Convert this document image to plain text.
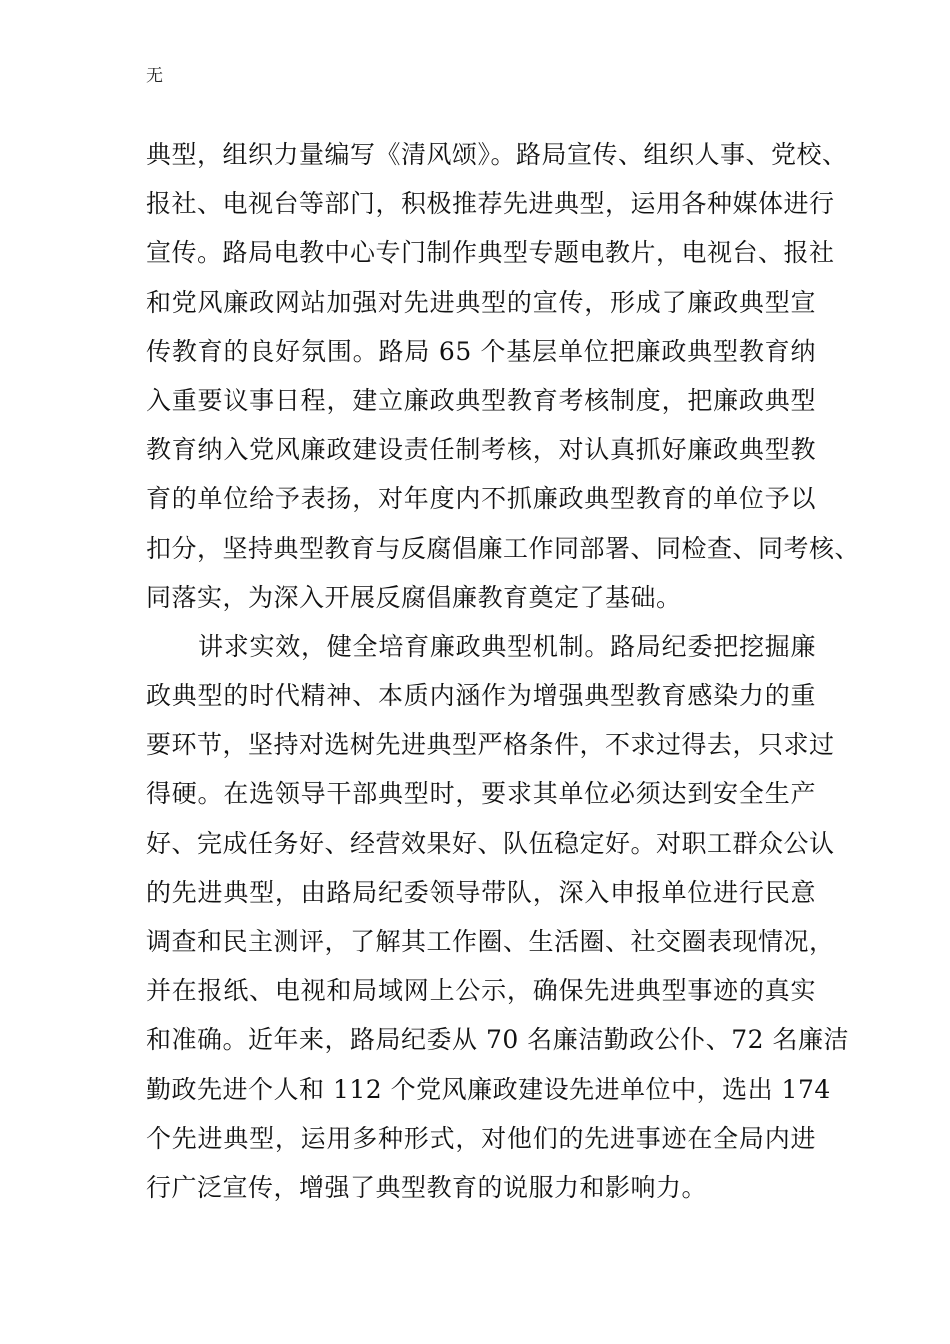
无
典型，组织力量编写《清风颂》。路局宣传、组织人事、党校、
报社、电视台等部门，积极推荐先进典型，运用各种媒体进行
宣传。路局电教中心专门制作典型专题电教片，电视台、报社
和党风廉政网站加强对先进典型的宣传，形成了廉政典型宣
传教育的良好氛围。路局 65 个基层单位把廉政典型教育纳
入重要议事日程，建立廉政典型教育考核制度，把廉政典型
教育纳入党风廉政建设责任制考核，对认真抓好廉政典型教
育的单位给予表扬，对年度内不抓廉政典型教育的单位予以
扣分，坚持典型教育与反腐倡廉工作同部署、同检查、同考核、
同落实，为深入开展反腐倡廉教育奠定了基础。
讲求实效，健全培育廉政典型机制。路局纪委把挖掘廉
政典型的时代精神、本质内涵作为增强典型教育感染力的重
要环节，坚持对选树先进典型严格条件，不求过得去，只求过
得硬。在选领导干部典型时，要求其单位必须达到安全生产
好、完成任务好、经营效果好、队伍稳定好。对职工群众公认
的先进典型，由路局纪委领导带队，深入申报单位进行民意
调查和民主测评，了解其工作圈、生活圈、社交圈表现情况，
并在报纸、电视和局域网上公示，确保先进典型事迹的真实
和准确。近年来，路局纪委从 70 名廉洁勤政公仆、72 名廉洁
勤政先进个人和 112 个党风廉政建设先进单位中，选出 174
个先进典型，运用多种形式，对他们的先进事迹在全局内进
行广泛宣传，增强了典型教育的说服力和影响力。
